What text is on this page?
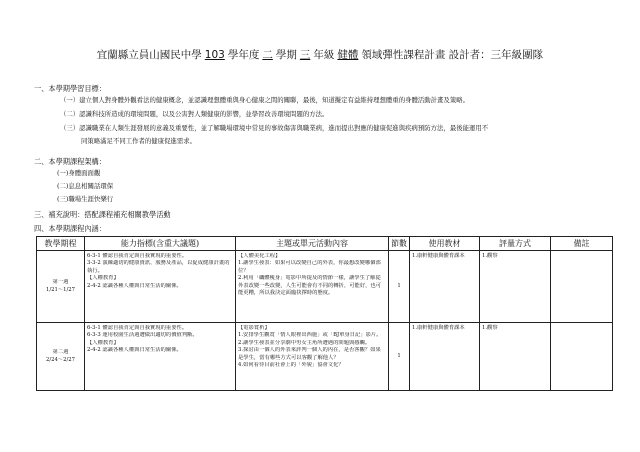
宜蘭縣立員山國民中學 103 學年度 二 學期 三 年級 健體 領域彈性課程計畫 設計者：三年級團隊
一、本學期學習目標：
（一）建立個人對身體外觀看法的健康概念，並認識理想體重與身心健康之間的關聯，最後，知道擬定有益維持理想體重的身體活動計畫及策略。
（二）認識科技所造成的環境問題，以及公害對人類健康的影響，並學習改善環境問題的方法。
（三）認識職業在人類生涯發展的意義及重要性，並了解職場環境中常見的事故傷害與職業病，進而提出對應的健康促進與疾病預防方法，最後能運用不
同策略滿足不同工作者的健康促進需求。
二、本學期課程架構：
(一)身體面面觀
(二)息息相關話環保
(三)職場生涯快樂行
三、補充說明：搭配課程補充相關教學活動
四、本學期課程內涵：
教學期程	能力指標(含重大議題)	主題或單元活動內容	節數	使用教材	評量方式	備註

第一週
1/21～1/27	6-3-1 體認自我肯定與自我實現的重要性。
3-3-2 演練適切的健康資訊、服務及產品，以促成健康計畫的執行。
【人權教育】
2-4-2 認識各種人權與日常生活的關係。	【人體美化工程】
1.讓學生發表：如果可以改變自己的外表，你最想改變哪個部位？
2.利用「纖體瘦身」電影中所提及的情節一樣，讓學生了解從外表改變一些改變，人生可能會有不同的轉折，可能好，也可能更糟，所以我決定面臨抉擇時的態度。	1	1.康軒健康與體育課本	1.觀察	

第二週
2/24～2/27	6-3-1 體認自我肯定與自我實現的重要性。
6-3-3 運用校園生活週遭做出適切的價值判斷。
【人權教育】
2-4-2 認識各種人權與日常生活的關係。	【電影賞析】
1.安排學生觀賞「情人眼裡出西施」或「BJ單身日記」影片。
2.讓學生發表並分享劇中男女主角所遭遇的問題與感觸。
3.探討由一個人的外表來評判一個人的內在，是否客觀？如果是學生，當有哪些方式可以客觀了解他人？
4.如何看待目前社會上的「外貌」協會文化？	1	1.康軒健康與體育課本	1.觀察	
